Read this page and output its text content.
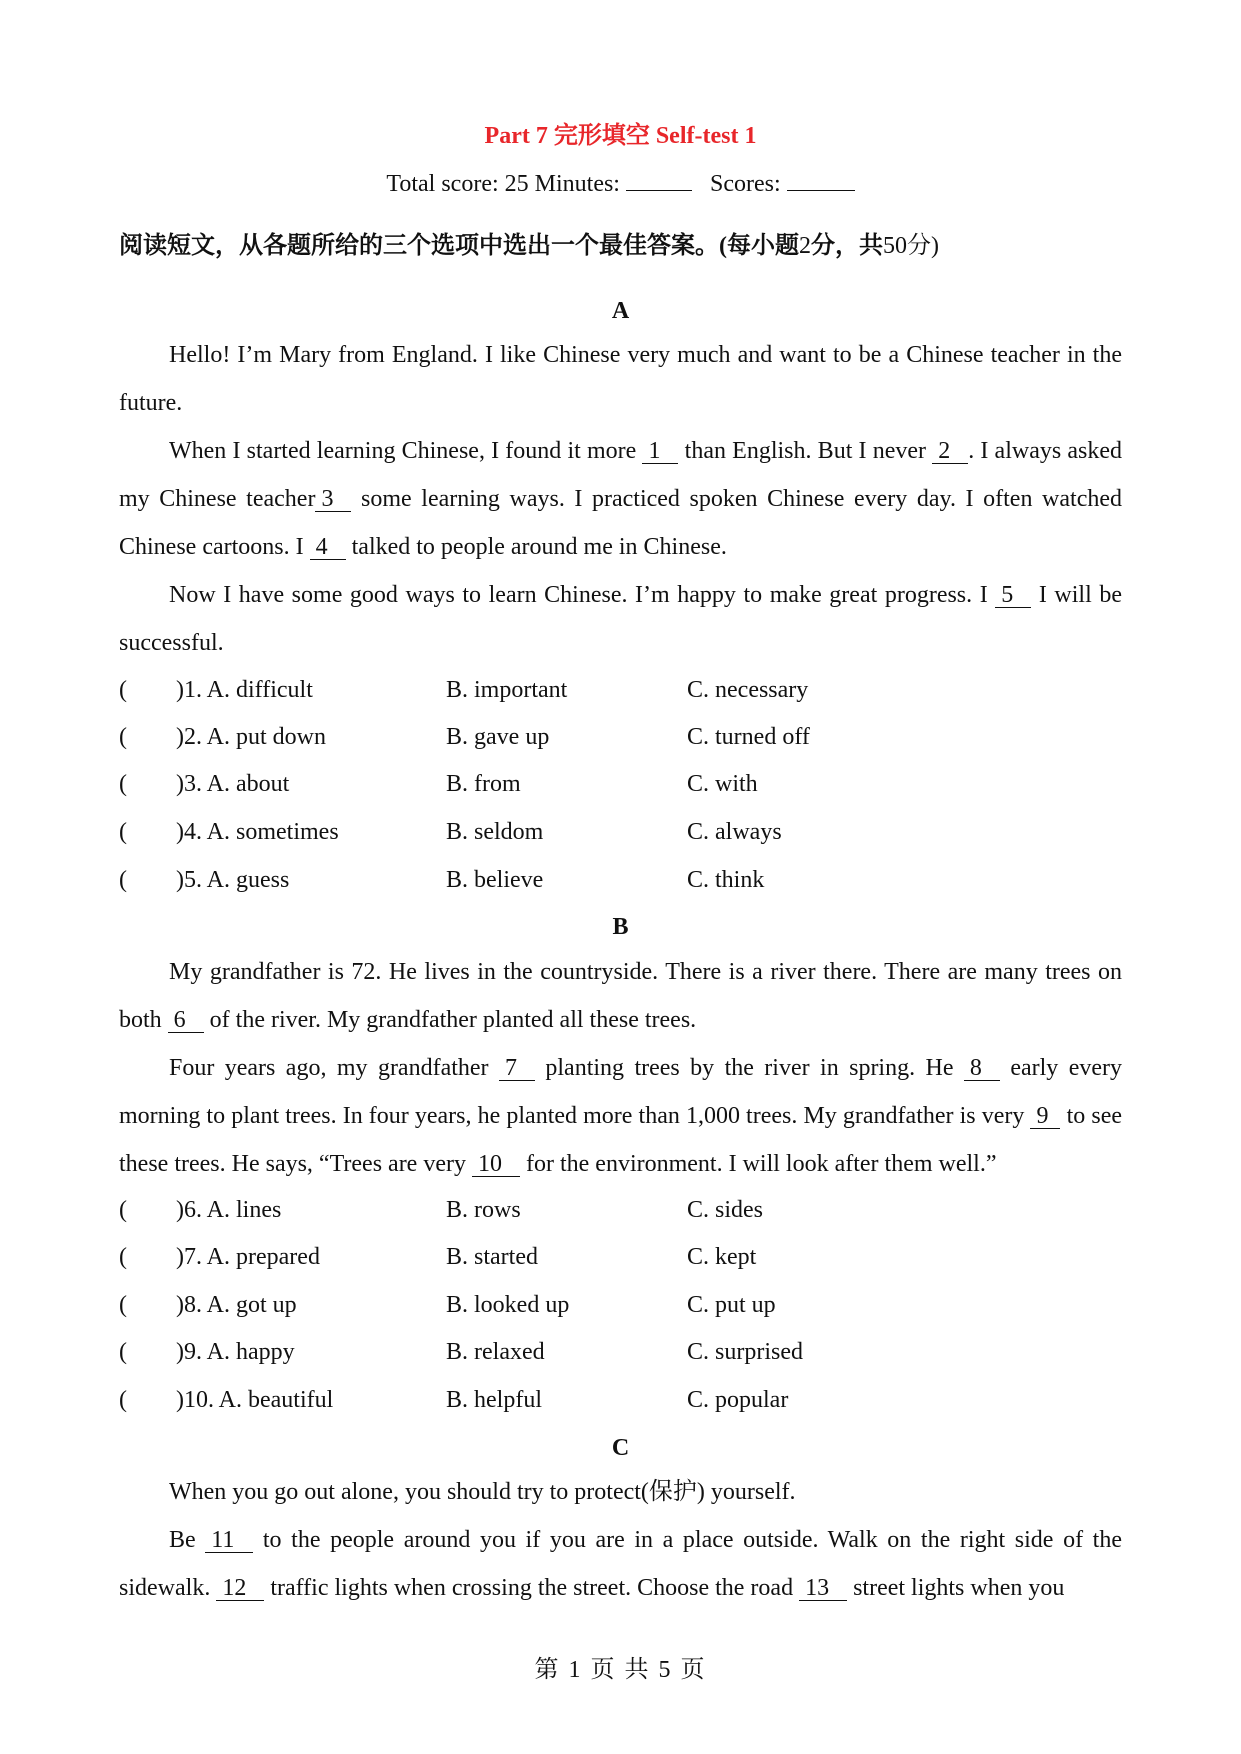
Part 7 完形填空 Self-test 1
Total score: 25 Minutes:	Scores:
阅读短文，从各题所给的三个选项中选出一个最佳答案。(每小题2分，共50分)
A
Hello! I’m Mary from England. I like Chinese very much and want to be a Chinese teacher in the future.
When I started learning Chinese, I found it more 1 than English. But I never 2 . I always asked my Chinese teacher 3 some learning ways. I practiced spoken Chinese every day. I often watched Chinese cartoons. I 4 talked to people around me in Chinese.
Now I have some good ways to learn Chinese. I’m happy to make great progress. I 5 I will be successful.
( )1. A. difficult	B. important	C. necessary
( )2. A. put down	B. gave up	C. turned off
( )3. A. about	B. from	C. with
( )4. A. sometimes	B. seldom	C. always
( )5. A. guess	B. believe	C. think
B
My grandfather is 72. He lives in the countryside. There is a river there. There are many trees on both 6 of the river. My grandfather planted all these trees.
Four years ago, my grandfather 7 planting trees by the river in spring. He 8 early every morning to plant trees. In four years, he planted more than 1,000 trees. My grandfather is very 9 to see these trees. He says, “Trees are very 10 for the environment. I will look after them well.”
( )6. A. lines	B. rows	C. sides
( )7. A. prepared	B. started	C. kept
( )8. A. got up	B. looked up	C. put up
( )9. A. happy	B. relaxed	C. surprised
( )10. A. beautiful	B. helpful	C. popular
C
When you go out alone, you should try to protect(保护) yourself.
Be 11 to the people around you if you are in a place outside. Walk on the right side of the sidewalk. 12 traffic lights when crossing the street. Choose the road 13 street lights when you
第 1 页 共 5 页
